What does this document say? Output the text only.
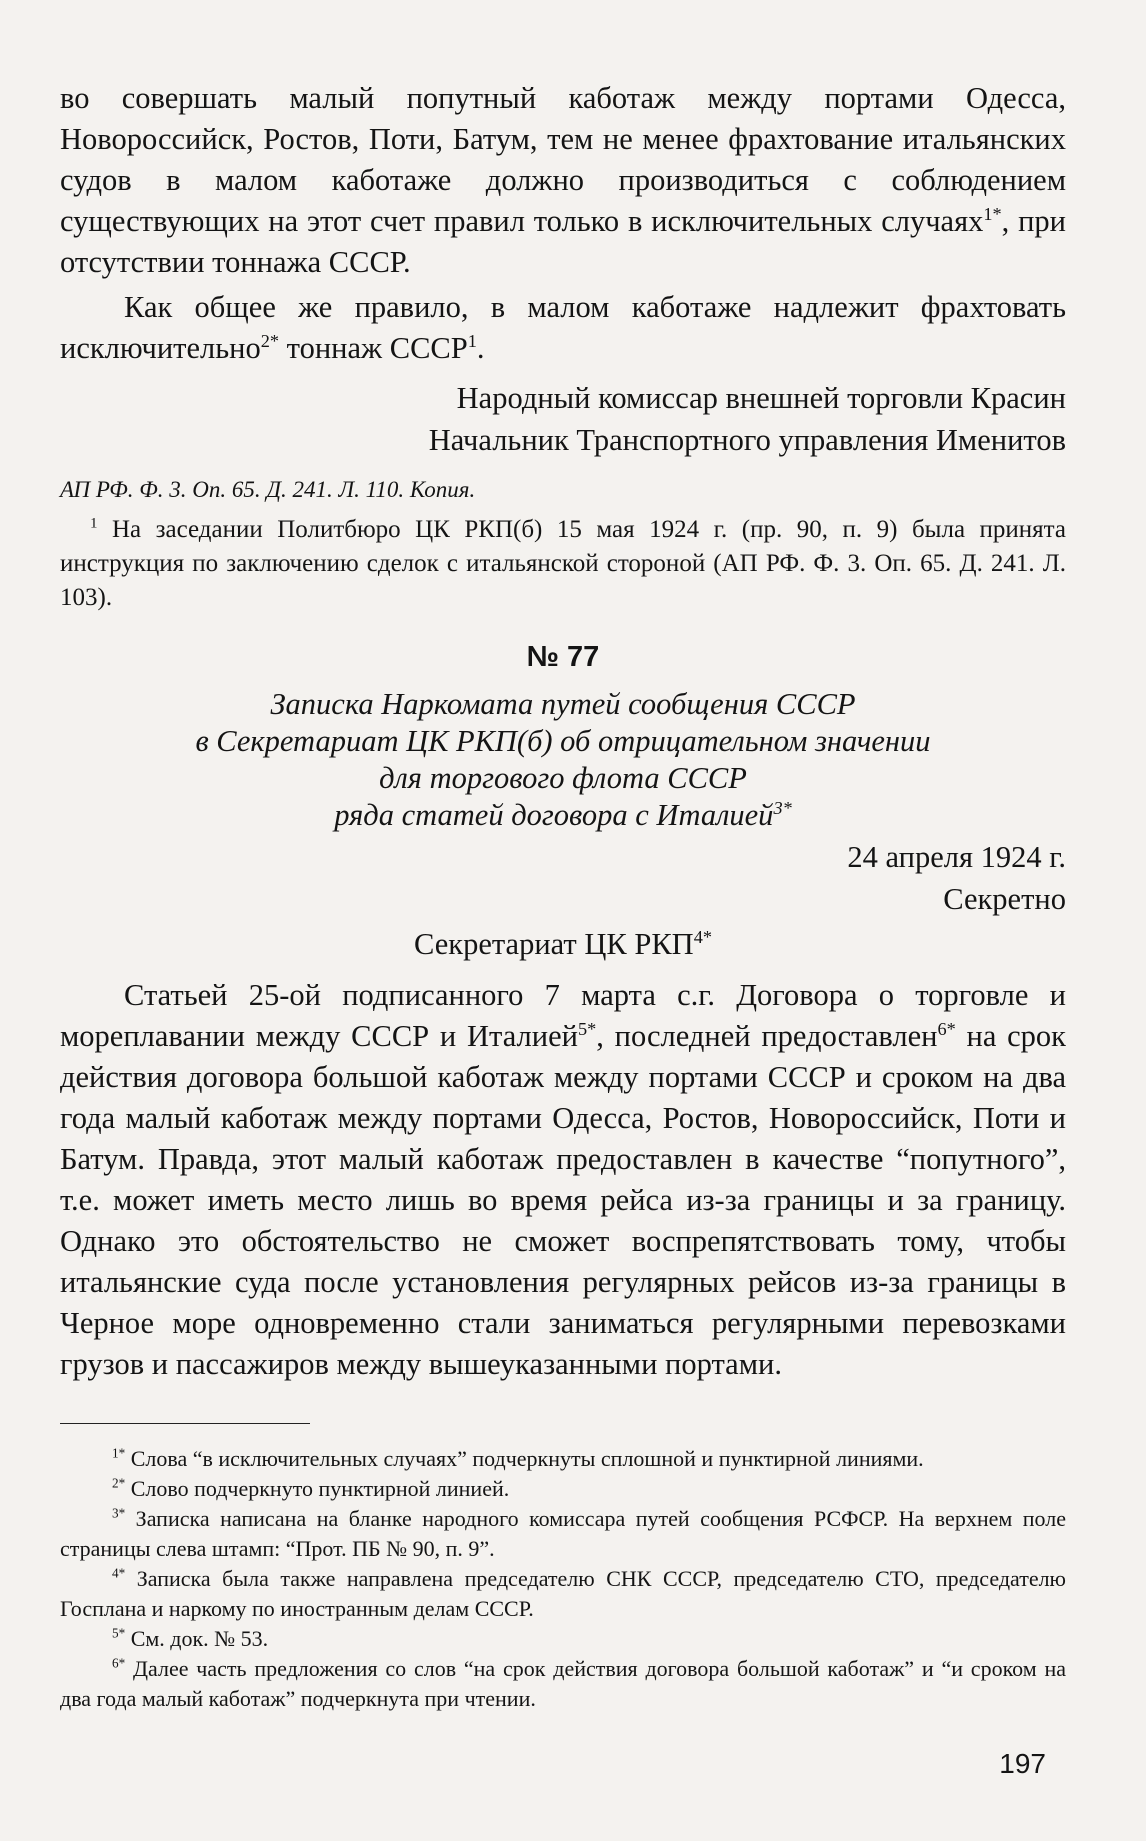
во совершать малый попутный каботаж между портами Одесса, Новороссийск, Ростов, Поти, Батум, тем не менее фрахтование итальянских судов в малом каботаже должно производиться с соблюдением существующих на этот счет правил только в исключительных случаях$^{1*}$, при отсутствии тоннажа СССР.

Как общее же правило, в малом каботаже надлежит фрахтовать исключительно$^{2*}$ тоннаж СССР$^1$.

Народный комиссар внешней торговли Красин

Начальник Транспортного управления Именитов

АП РФ. Ф. 3. Оп. 65. Д. 241. Л. 110. Копия.

$^1$ На заседании Политбюро ЦК РКП(б) 15 мая 1924 г. (пр. 90, п. 9) была принята инструкция по заключению сделок с итальянской стороной (АП РФ. Ф. 3. Оп. 65. Д. 241. Л. 103).

№ 77

Записка Наркомата путей сообщения СССР

в Секретариат ЦК РКП(б) об отрицательном значении

для торгового флота СССР

ряда статей договора с Италией$^{3*}$

24 апреля 1924 г.

Секретно

Секретариат ЦК $РКП^{4*}$

Статьей 25-ой подписанного 7 марта с.г. Договора о торговле и мореплавании между СССР и Италией$^{5*}$, последней предоставлен$^{6*}$ на срок действия договора большой каботаж между портами СССР и сроком на два года малый каботаж между портами Одесса, Ростов, Новороссийск, Поти и Батум. Правда, этот малый каботаж предоставлен в качестве “попутного”, т.е. может иметь место лишь во время рейса из-за границы и за границу. Однако это обстоятельство не сможет воспрепятствовать тому, чтобы итальянские суда после установления регулярных рейсов из-за границы в Черное море одновременно стали заниматься регулярными перевозками грузов и пассажиров между вышеуказанными портами.

$^{1*}$ Слова “в исключительных случаях” подчеркнуты сплошной и пунктирной линиями.

$^{2*}$ Слово подчеркнуто пунктирной линией.

$^{3*}$ Записка написана на бланке народного комиссара путей сообщения РСФСР. На верхнем поле страницы слева штамп: “Прот. ПБ № 90, п. 9”.

$^{4*}$ Записка была также направлена председателю СНК СССР, председателю СТО, председателю Госплана и наркому по иностранным делам СССР.

$^{5*}$ См. док. № 53.

$^{6*}$ Далее часть предложения со слов “на срок действия договора большой каботаж” и “и сроком на два года малый каботаж” подчеркнута при чтении.

197
